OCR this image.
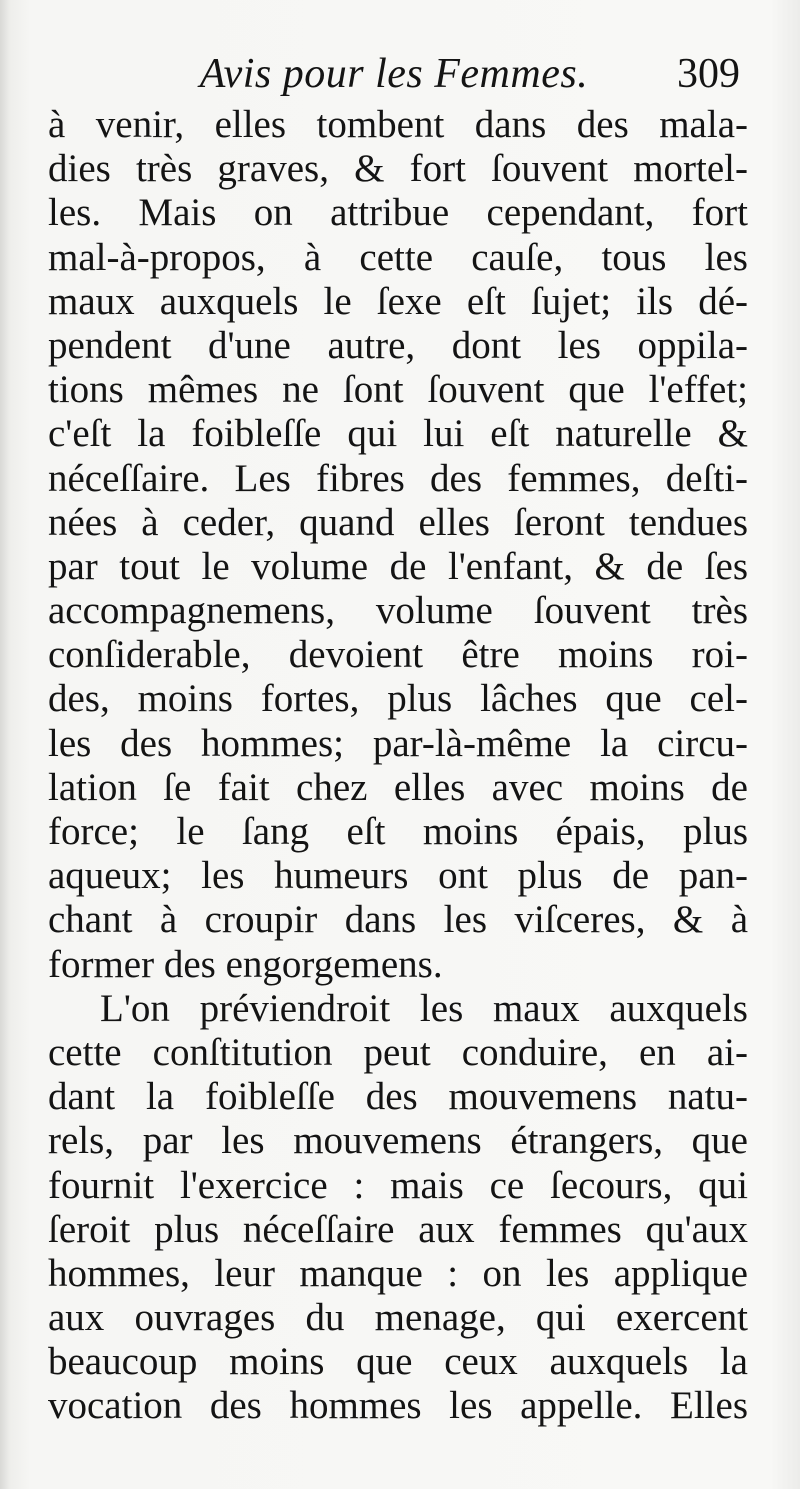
Avis pour les Femmes.	309
à venir, elles tombent dans des mala-
dies très graves, & fort ſouvent mortel-
les. Mais on attribue cependant, fort
mal-à-propos, à cette cauſe, tous les
maux auxquels le ſexe eſt ſujet; ils dé-
pendent d'une autre, dont les oppila-
tions mêmes ne ſont ſouvent que l'effet;
c'eſt la foibleſſe qui lui eſt naturelle &
néceſſaire. Les fibres des femmes, deſti-
nées à ceder, quand elles ſeront tendues
par tout le volume de l'enfant, & de ſes
accompagnemens, volume ſouvent très
conſiderable, devoient être moins roi-
des, moins fortes, plus lâches que cel-
les des hommes; par-là-même la circu-
lation ſe fait chez elles avec moins de
force; le ſang eſt moins épais, plus
aqueux; les humeurs ont plus de pan-
chant à croupir dans les viſceres, & à
former des engorgemens.
L'on préviendroit les maux auxquels
cette conſtitution peut conduire, en ai-
dant la foibleſſe des mouvemens natu-
rels, par les mouvemens étrangers, que
fournit l'exercice : mais ce ſecours, qui
ſeroit plus néceſſaire aux femmes qu'aux
hommes, leur manque : on les applique
aux ouvrages du menage, qui exercent
beaucoup moins que ceux auxquels la
vocation des hommes les appelle. Elles
